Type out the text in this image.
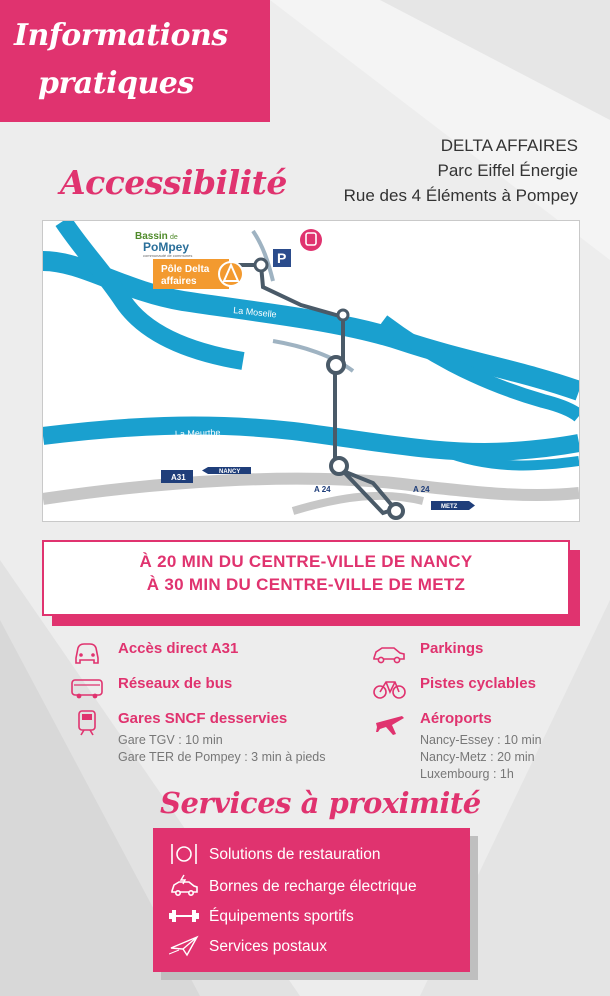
Informations
pratiques
DELTA AFFAIRES
Parc Eiffel Énergie
Rue des 4 Éléments à Pompey
Accessibilité
Pôle Delta
affaires
Bassin de
PoMpey
communauté de communes	P
La Moselle
La Meurthe
A31
NANCY
METZ
A 24	A 24
À 20 MIN DU CENTRE-VILLE DE NANCY
À 30 MIN DU CENTRE-VILLE DE METZ
Accès direct A31
Réseaux de bus
Gares SNCF desservies
Gare TGV : 10 min
Gare TER de Pompey : 3 min à pieds
Parkings
Pistes cyclables
Aéroports
Nancy-Essey : 10 min
Nancy-Metz : 20 min
Luxembourg : 1h
Services à proximité
Solutions de restauration
Bornes de recharge électrique
Équipements sportifs
Services postaux
